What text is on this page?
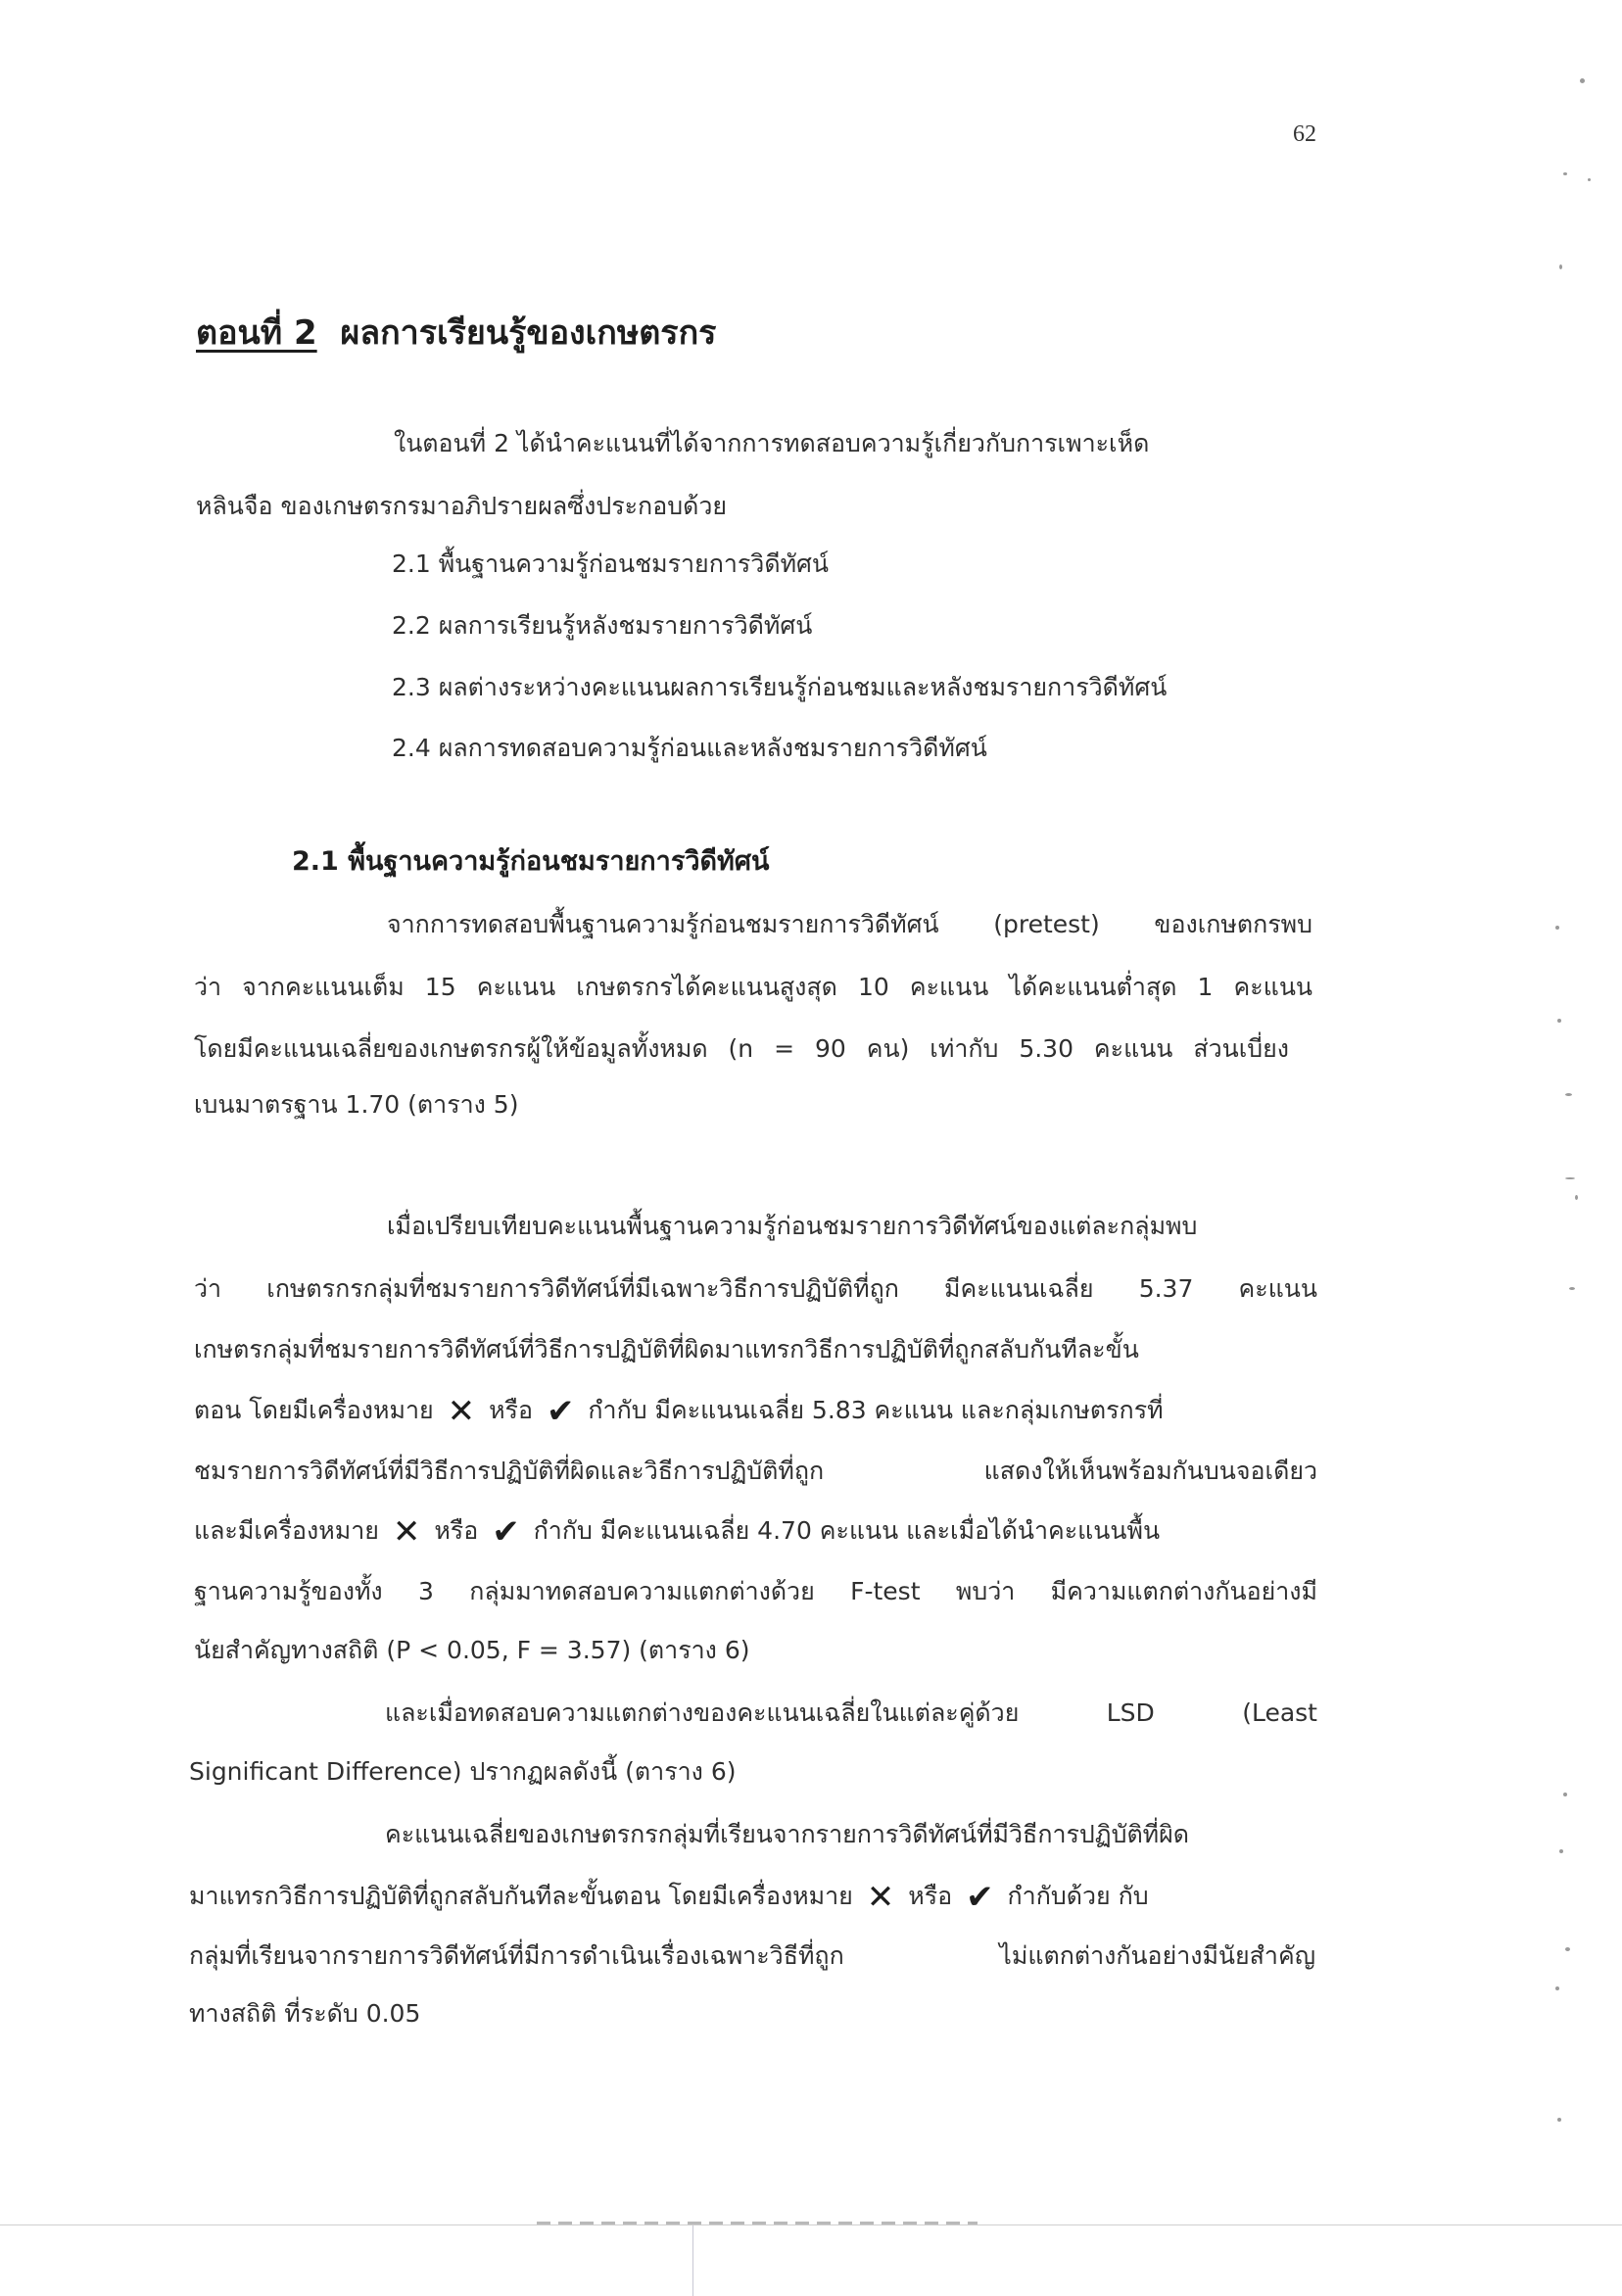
62
ตอนที่ 2 ผลการเรียนรู้ของเกษตรกร
ในตอนที่ 2 ได้นำคะแนนที่ได้จากการทดสอบความรู้เกี่ยวกับการเพาะเห็ด
หลินจือ ของเกษตรกรมาอภิปรายผลซึ่งประกอบด้วย
2.1 พื้นฐานความรู้ก่อนชมรายการวิดีทัศน์
2.2 ผลการเรียนรู้หลังชมรายการวิดีทัศน์
2.3 ผลต่างระหว่างคะแนนผลการเรียนรู้ก่อนชมและหลังชมรายการวิดีทัศน์
2.4 ผลการทดสอบความรู้ก่อนและหลังชมรายการวิดีทัศน์
2.1 พื้นฐานความรู้ก่อนชมรายการวิดีทัศน์
จากการทดสอบพื้นฐานความรู้ก่อนชมรายการวิดีทัศน์ (pretest) ของเกษตกรพบ
ว่า จากคะแนนเต็ม 15 คะแนน เกษตรกรได้คะแนนสูงสุด 10 คะแนน ได้คะแนนต่ำสุด 1 คะแนน
โดยมีคะแนนเฉลี่ยของเกษตรกรผู้ให้ข้อมูลทั้งหมด (n = 90 คน) เท่ากับ 5.30 คะแนน ส่วนเบี่ยง
เบนมาตรฐาน 1.70 (ตาราง 5)
เมื่อเปรียบเทียบคะแนนพื้นฐานความรู้ก่อนชมรายการวิดีทัศน์ของแต่ละกลุ่มพบ
ว่า เกษตรกรกลุ่มที่ชมรายการวิดีทัศน์ที่มีเฉพาะวิธีการปฏิบัติที่ถูก มีคะแนนเฉลี่ย 5.37 คะแนน
เกษตรกลุ่มที่ชมรายการวิดีทัศน์ที่วิธีการปฏิบัติที่ผิดมาแทรกวิธีการปฏิบัติที่ถูกสลับกันทีละขั้น
ตอน โดยมีเครื่องหมาย ✕ หรือ ✔ กำกับ มีคะแนนเฉลี่ย 5.83 คะแนน และกลุ่มเกษตรกรที่
ชมรายการวิดีทัศน์ที่มีวิธีการปฏิบัติที่ผิดและวิธีการปฏิบัติที่ถูก แสดงให้เห็นพร้อมกันบนจอเดียว
และมีเครื่องหมาย ✕ หรือ ✔ กำกับ มีคะแนนเฉลี่ย 4.70 คะแนน และเมื่อได้นำคะแนนพื้น
ฐานความรู้ของทั้ง 3 กลุ่มมาทดสอบความแตกต่างด้วย F-test พบว่า มีความแตกต่างกันอย่างมี
นัยสำคัญทางสถิติ (P < 0.05, F = 3.57) (ตาราง 6)
และเมื่อทดสอบความแตกต่างของคะแนนเฉลี่ยในแต่ละคู่ด้วย LSD (Least
Significant Difference) ปรากฏผลดังนี้ (ตาราง 6)
คะแนนเฉลี่ยของเกษตรกรกลุ่มที่เรียนจากรายการวิดีทัศน์ที่มีวิธีการปฏิบัติที่ผิด
มาแทรกวิธีการปฏิบัติที่ถูกสลับกันทีละขั้นตอน โดยมีเครื่องหมาย ✕ หรือ ✔ กำกับด้วย กับ
กลุ่มที่เรียนจากรายการวิดีทัศน์ที่มีการดำเนินเรื่องเฉพาะวิธีที่ถูก ไม่แตกต่างกันอย่างมีนัยสำคัญ
ทางสถิติ ที่ระดับ 0.05
